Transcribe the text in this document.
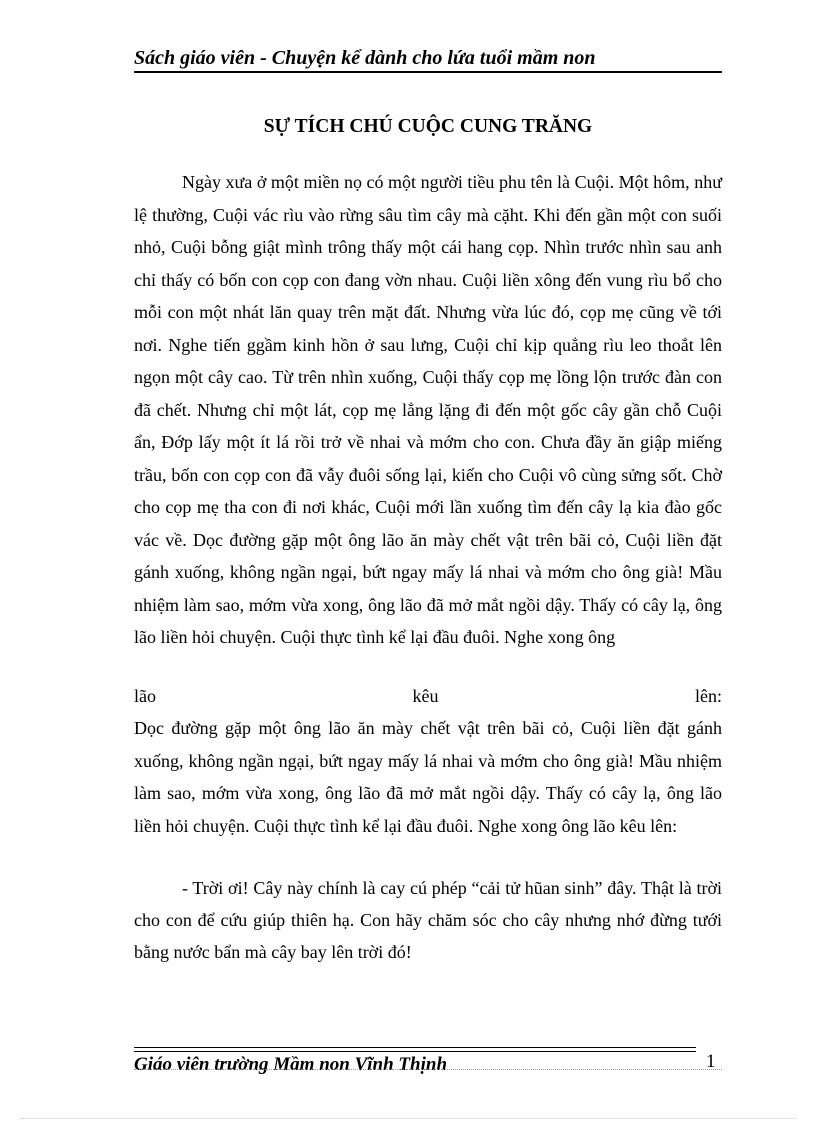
Sách giáo viên - Chuyện kể dành cho lứa tuổi mầm non
SỰ TÍCH CHÚ CUỘC CUNG TRĂNG
Ngày xưa ở một miền nọ có một người tiều phu tên là Cuội. Một hôm, như lệ thường, Cuội vác rìu vào rừng sâu tìm cây mà cặht. Khi đến gần một con suối nhỏ, Cuội bỗng giật mình trông thấy một cái hang cọp. Nhìn trước nhìn sau anh chỉ thấy có bốn con cọp con đang vờn nhau. Cuội liền xông đến vung rìu bổ cho mỗi con một nhát lăn quay trên mặt đất. Nhưng vừa lúc đó, cọp mẹ cũng về tới nơi. Nghe tiến ggầm kinh hồn ở sau lưng, Cuội chỉ kịp quẳng rìu leo thoắt lên ngọn một cây cao. Từ trên nhìn xuống, Cuội thấy cọp mẹ lồng lộn trước đàn con đã chết. Nhưng chỉ một lát, cọp mẹ lẳng lặng đi đến một gốc cây gần chỗ Cuội ẩn, Đớp lấy một ít lá rồi trở về nhai và mớm cho con. Chưa đầy ăn giập miếng trầu, bốn con cọp con đã vẫy đuôi sống lại, kiến cho Cuội vô cùng sửng sốt. Chờ cho cọp mẹ tha con đi nơi khác, Cuội mới lần xuống tìm đến cây lạ kia đào gốc vác về. Dọc đường gặp một ông lão ăn mày chết vật trên bãi cỏ, Cuội liền đặt gánh xuống, không ngần ngại, bứt ngay mấy lá nhai và mớm cho ông già! Mầu nhiệm làm sao, mớm vừa xong, ông lão đã mở mắt ngồi dậy. Thấy có cây lạ, ông lão liền hỏi chuyện. Cuội thực tình kể lại đầu đuôi. Nghe xong ông
lão	kêu	lên:
Dọc đường gặp một ông lão ăn mày chết vật trên bãi cỏ, Cuội liền đặt gánh xuống, không ngần ngại, bứt ngay mấy lá nhai và mớm cho ông già! Mầu nhiệm làm sao, mớm vừa xong, ông lão đã mở mắt ngồi dậy. Thấy có cây lạ, ông lão liền hỏi chuyện. Cuội thực tình kể lại đầu đuôi. Nghe xong ông lão kêu lên:
- Trời ơi! Cây này chính là cay cú phép “cải tử hũan sinh” đây. Thật là trời cho con để cứu giúp thiên hạ. Con hãy chăm sóc cho cây nhưng nhớ đừng tưới bằng nước bẩn mà cây bay lên trời đó!
Giáo viên trường Mầm non Vĩnh Thịnh	1
